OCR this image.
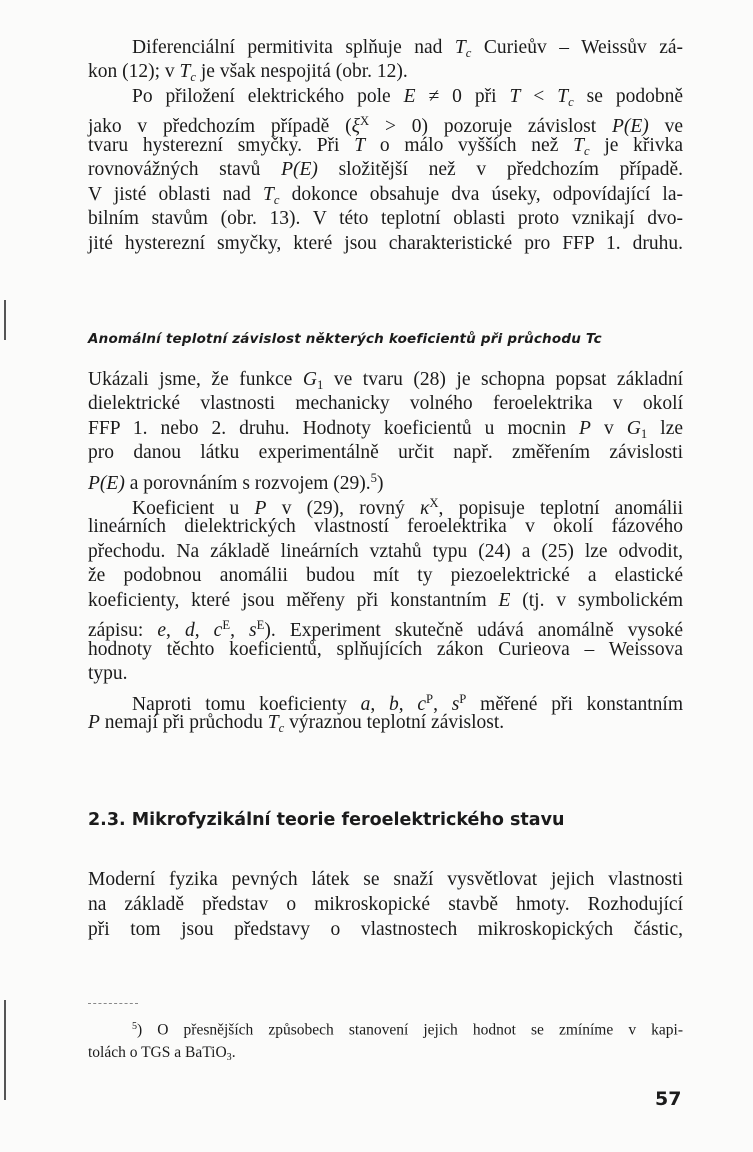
Diferenciální permitivita splňuje nad $T_c$ Curieův – Weissův zá-
kon (12); v $T_c$ je však nespojitá (obr. 12).
Po přiložení elektrického pole E ≠ 0 při $T < T_c$ se podobně
jako v předchozím případě $(\xi^X > 0)$ pozoruje závislost P(E) ve
tvaru hysterezní smyčky. Při T o málo vyšších než $T_c$ je křivka
rovnovážných stavů P(E) složitější než v předchozím případě.
V jisté oblasti nad $T_c$ dokonce obsahuje dva úseky, odpovídající la-
bilním stavům (obr. 13). V této teplotní oblasti proto vznikají dvo-
jité hysterezní smyčky, které jsou charakteristické pro FFP 1. druhu.
Ukázali jsme, že funkce G1 ve tvaru (28) je schopna popsat základní
dielektrické vlastnosti mechanicky volného feroelektrika v okolí
FFP 1. nebo 2. druhu. Hodnoty koeficientů u mocnin P v G1 lze
pro danou látku experimentálně určit např. změřením závislosti
P(E) a porovnáním s rozvojem (29).$^5$)
Koeficient u P v (29), rovný $\kappa^X$, popisuje teplotní anomálii
lineárních dielektrických vlastností feroelektrika v okolí fázového
přechodu. Na základě lineárních vztahů typu (24) a (25) lze odvodit,
že podobnou anomálii budou mít ty piezoelektrické a elastické
koeficienty, které jsou měřeny při konstantním E (tj. v symbolickém
zápisu: e, d, $c^E$, $s^E$). Experiment skutečně udává anomálně vysoké
hodnoty těchto koeficientů, splňujících zákon Curieova – Weissova
typu.
Naproti tomu koeficienty a, b, $c^P$, $s^P$ měřené při konstantním
P nemají při průchodu $T_c$ výraznou teplotní závislost.
Moderní fyzika pevných látek se snaží vysvětlovat jejich vlastnosti
na základě představ o mikroskopické stavbě hmoty. Rozhodující
při tom jsou představy o vlastnostech mikroskopických částic,
Anomální teplotní závislost některých koeficientů při průchodu Tc
2.3. Mikrofyzikální teorie feroelektrického stavu
$^5$) O přesnějších způsobech stanovení jejich hodnot se zmíníme v kapi-
tolách o TGS a BaTiO3.
57
